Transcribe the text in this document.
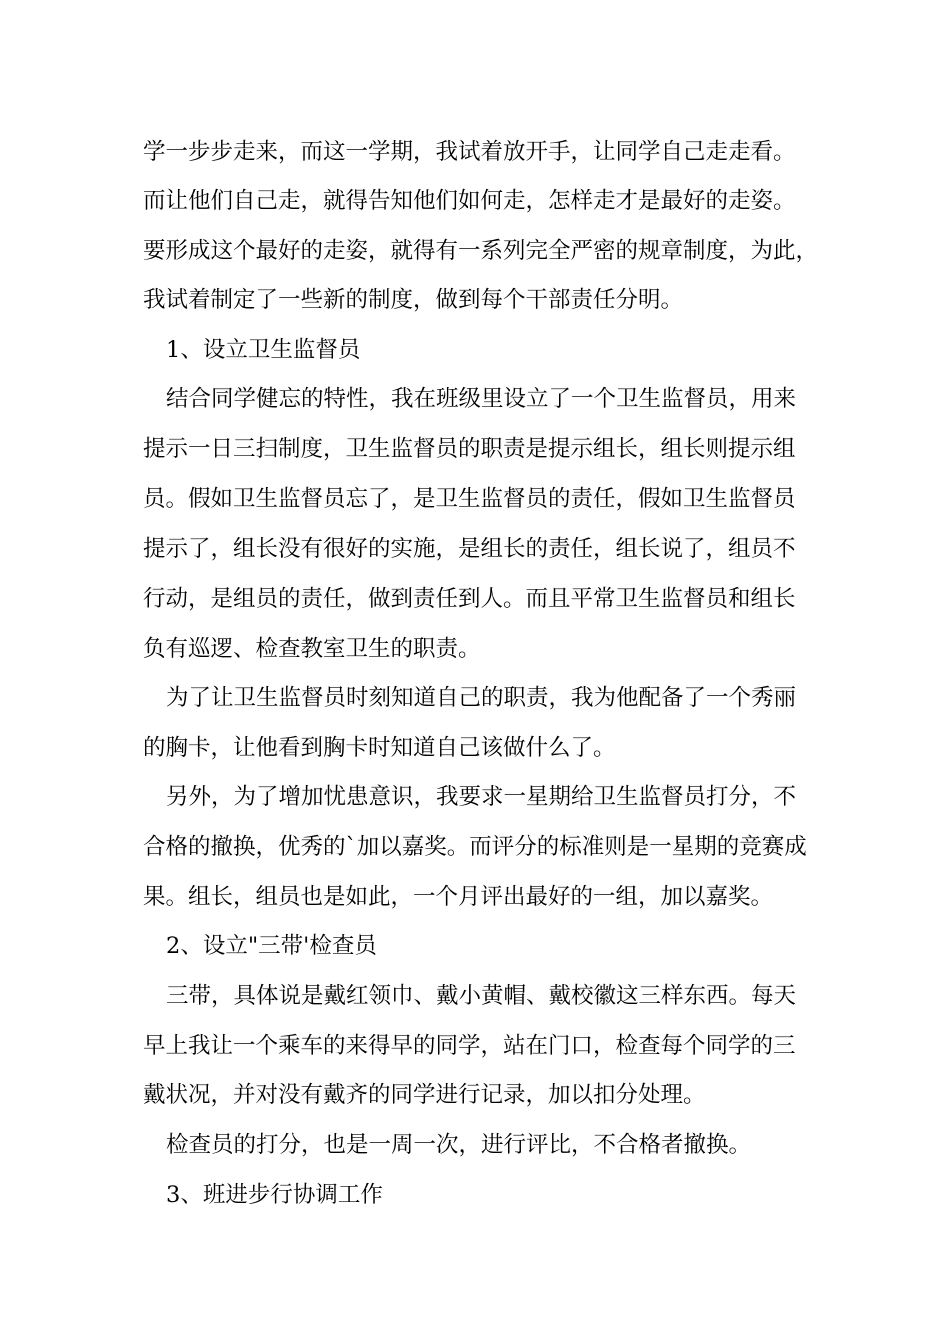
学一步步走来，而这一学期，我试着放开手，让同学自己走走看。

而让他们自己走，就得告知他们如何走，怎样走才是最好的走姿。

要形成这个最好的走姿，就得有一系列完全严密的规章制度，为此，

我试着制定了一些新的制度，做到每个干部责任分明。

1、设立卫生监督员

结合同学健忘的特性，我在班级里设立了一个卫生监督员，用来

提示一日三扫制度，卫生监督员的职责是提示组长，组长则提示组

员。假如卫生监督员忘了，是卫生监督员的责任，假如卫生监督员

提示了，组长没有很好的实施，是组长的责任，组长说了，组员不

行动，是组员的责任，做到责任到人。而且平常卫生监督员和组长

负有巡逻、检查教室卫生的职责。

为了让卫生监督员时刻知道自己的职责，我为他配备了一个秀丽

的胸卡，让他看到胸卡时知道自己该做什么了。

另外，为了增加忧患意识，我要求一星期给卫生监督员打分，不

合格的撤换，优秀的`加以嘉奖。而评分的标准则是一星期的竞赛成

果。组长，组员也是如此，一个月评出最好的一组，加以嘉奖。

2、设立"三带'检查员

三带，具体说是戴红领巾、戴小黄帽、戴校徽这三样东西。每天

早上我让一个乘车的来得早的同学，站在门口，检查每个同学的三

戴状况，并对没有戴齐的同学进行记录，加以扣分处理。

检查员的打分，也是一周一次，进行评比，不合格者撤换。

3、班进步行协调工作
